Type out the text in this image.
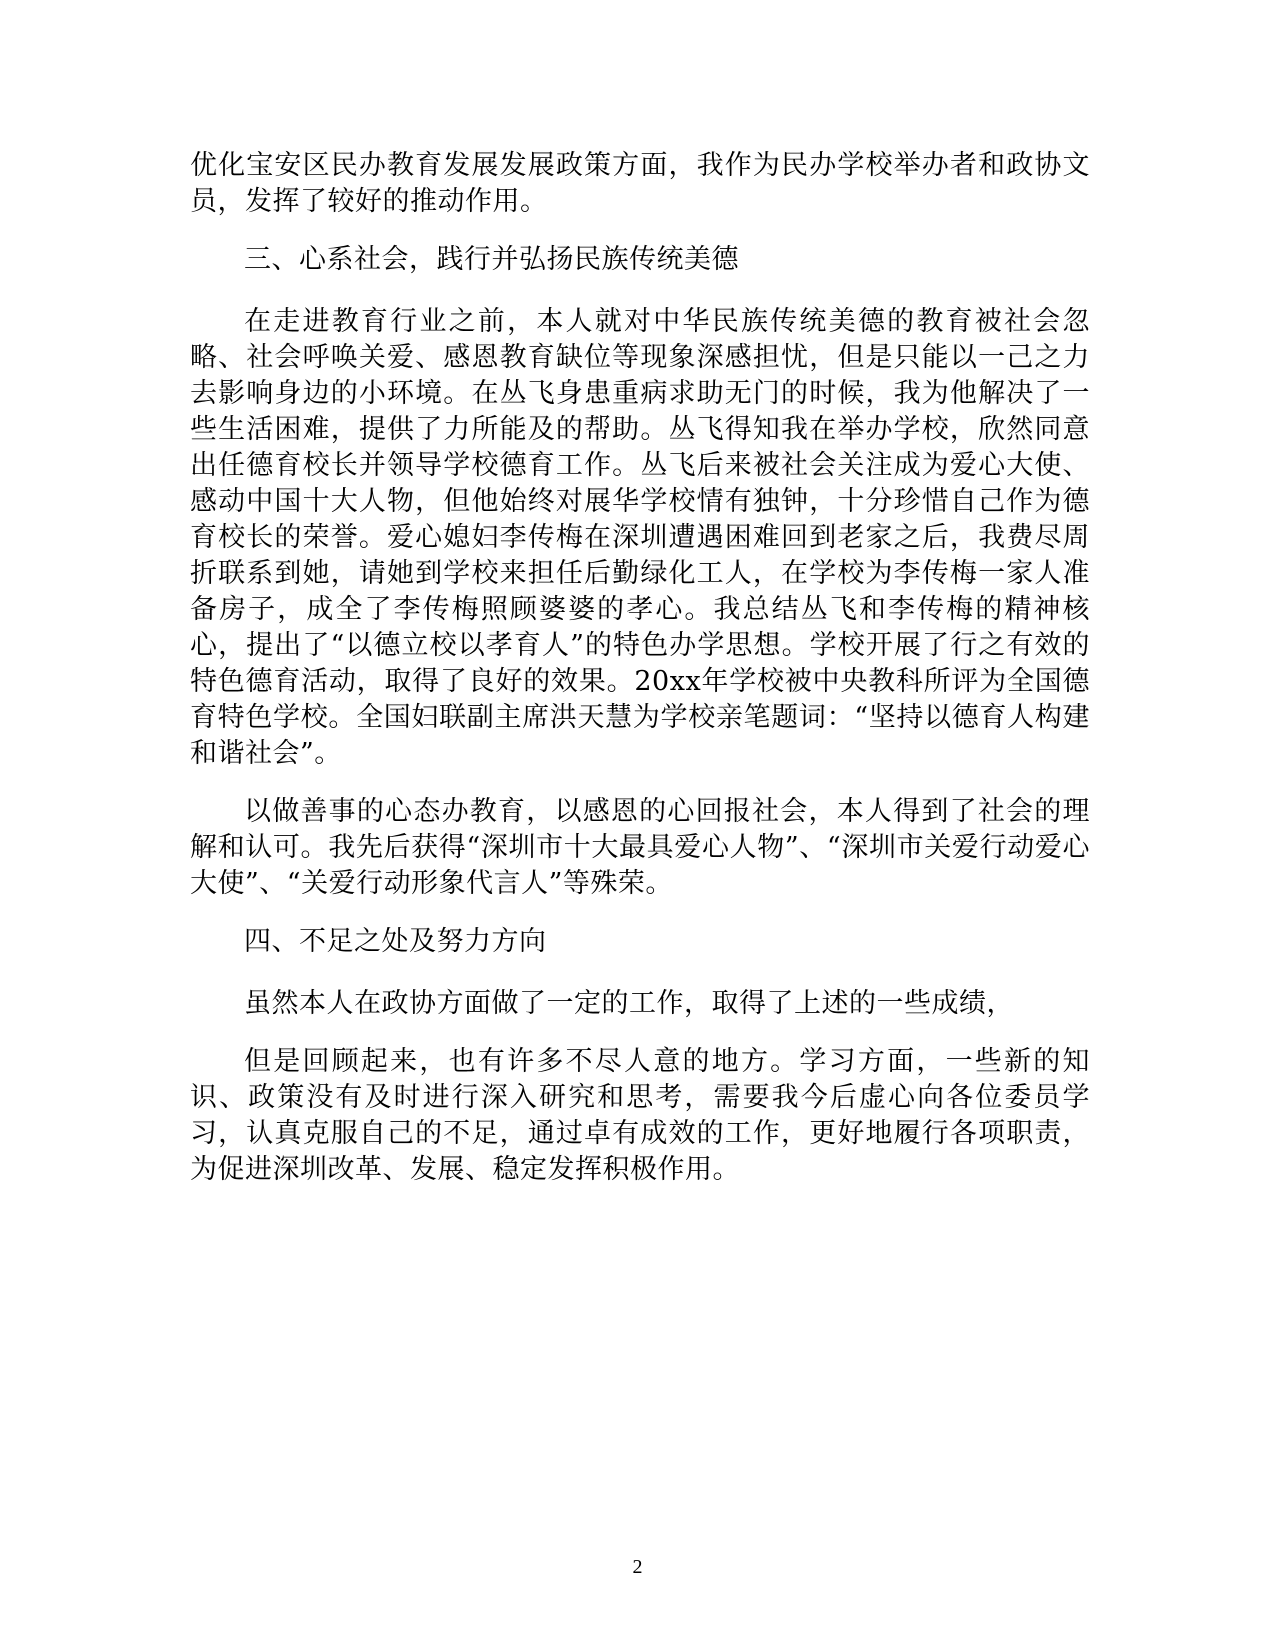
优化宝安区民办教育发展发展政策方面，我作为民办学校举办者和政协文员，发挥了较好的推动作用。

三、心系社会，践行并弘扬民族传统美德

在走进教育行业之前，本人就对中华民族传统美德的教育被社会忽略、社会呼唤关爱、感恩教育缺位等现象深感担忧，但是只能以一己之力去影响身边的小环境。在丛飞身患重病求助无门的时候，我为他解决了一些生活困难，提供了力所能及的帮助。丛飞得知我在举办学校，欣然同意出任德育校长并领导学校德育工作。丛飞后来被社会关注成为爱心大使、感动中国十大人物，但他始终对展华学校情有独钟，十分珍惜自己作为德育校长的荣誉。爱心媳妇李传梅在深圳遭遇困难回到老家之后，我费尽周折联系到她，请她到学校来担任后勤绿化工人，在学校为李传梅一家人准备房子，成全了李传梅照顾婆婆的孝心。我总结丛飞和李传梅的精神核心，提出了“以德立校以孝育人”的特色办学思想。学校开展了行之有效的特色德育活动，取得了良好的效果。20xx年学校被中央教科所评为全国德育特色学校。全国妇联副主席洪天慧为学校亲笔题词：“坚持以德育人构建和谐社会”。

以做善事的心态办教育，以感恩的心回报社会，本人得到了社会的理解和认可。我先后获得“深圳市十大最具爱心人物”、“深圳市关爱行动爱心大使”、“关爱行动形象代言人”等殊荣。

四、不足之处及努力方向

虽然本人在政协方面做了一定的工作，取得了上述的一些成绩，

但是回顾起来，也有许多不尽人意的地方。学习方面，一些新的知识、政策没有及时进行深入研究和思考，需要我今后虚心向各位委员学习，认真克服自己的不足，通过卓有成效的工作，更好地履行各项职责，为促进深圳改革、发展、稳定发挥积极作用。

2
